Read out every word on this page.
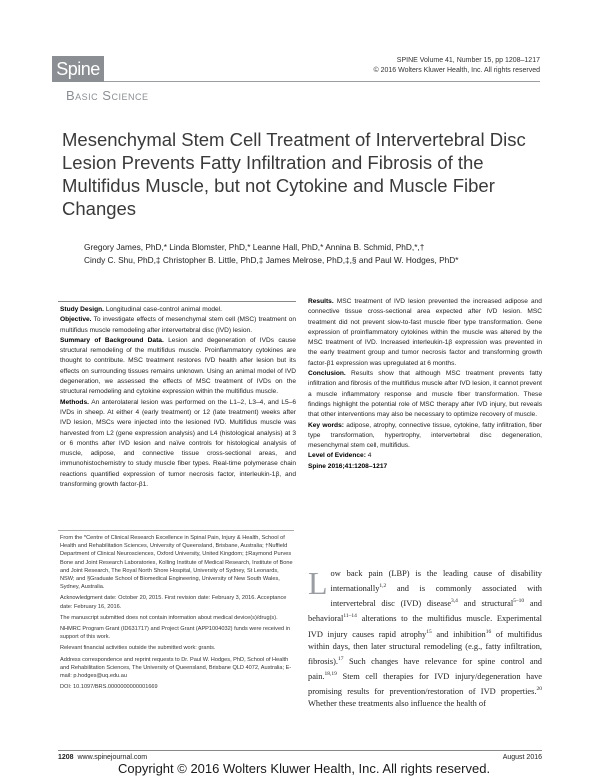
Spine	SPINE Volume 41, Number 15, pp 1208–1217
© 2016 Wolters Kluwer Health, Inc. All rights reserved
Basic Science
Mesenchymal Stem Cell Treatment of Intervertebral Disc Lesion Prevents Fatty Infiltration and Fibrosis of the Multifidus Muscle, but not Cytokine and Muscle Fiber Changes
Gregory James, PhD,* Linda Blomster, PhD,* Leanne Hall, PhD,* Annina B. Schmid, PhD,*,†
Cindy C. Shu, PhD,‡ Christopher B. Little, PhD,‡ James Melrose, PhD,‡,§ and Paul W. Hodges, PhD*

Study Design. Longitudinal case-control animal model.

Objective. To investigate effects of mesenchymal stem cell (MSC) treatment on multifidus muscle remodeling after intervertebral disc (IVD) lesion.

Summary of Background Data. Lesion and degeneration of IVDs cause structural remodeling of the multifidus muscle. Proinflammatory cytokines are thought to contribute. MSC treatment restores IVD health after lesion but its effects on surrounding tissues remains unknown. Using an animal model of IVD degeneration, we assessed the effects of MSC treatment of IVDs on the structural remodeling and cytokine expression within the multifidus muscle.

Methods. An anterolateral lesion was performed on the L1–2, L3–4, and L5–6 IVDs in sheep. At either 4 (early treatment) or 12 (late treatment) weeks after IVD lesion, MSCs were injected into the lesioned IVD. Multifidus muscle was harvested from L2 (gene expression analysis) and L4 (histological analysis) at 3 or 6 months after IVD lesion and naïve controls for histological analysis of muscle, adipose, and connective tissue cross-sectional areas, and immunohistochemistry to study muscle fiber types. Real-time polymerase chain reactions quantified expression of tumor necrosis factor, interleukin-1β, and transforming growth factor-β1.

Results. MSC treatment of IVD lesion prevented the increased adipose and connective tissue cross-sectional area expected after IVD lesion. MSC treatment did not prevent slow-to-fast muscle fiber type transformation. Gene expression of proinflammatory cytokines within the muscle was altered by the MSC treatment of IVD. Increased interleukin-1β expression was prevented in the early treatment group and tumor necrosis factor and transforming growth factor-β1 expression was upregulated at 6 months.

Conclusion. Results show that although MSC treatment prevents fatty infiltration and fibrosis of the multifidus muscle after IVD lesion, it cannot prevent a muscle inflammatory response and muscle fiber transformation. These findings highlight the potential role of MSC therapy after IVD injury, but reveals that other interventions may also be necessary to optimize recovery of muscle.

Key words: adipose, atrophy, connective tissue, cytokine, fatty infiltration, fiber type transformation, hypertrophy, intervertebral disc degeneration, mesenchymal stem cell, multifidus.

Level of Evidence: 4

Spine 2016;41:1208–1217

From the *Centre of Clinical Research Excellence in Spinal Pain, Injury & Health, School of Health and Rehabilitation Sciences, University of Queensland, Brisbane, Australia; †Nuffield Department of Clinical Neurosciences, Oxford University, United Kingdom; ‡Raymond Purves Bone and Joint Research Laboratories, Kolling Institute of Medical Research, Institute of Bone and Joint Research, The Royal North Shore Hospital, University of Sydney, St Leonards, NSW; and §Graduate School of Biomedical Engineering, University of New South Wales, Sydney, Australia.

Acknowledgment date: October 20, 2015. First revision date: February 3, 2016. Acceptance date: February 16, 2016.

The manuscript submitted does not contain information about medical device(s)/drug(s).

NHMRC Program Grant (ID631717) and Project Grant (APP1004032) funds were received in support of this work.

Relevant financial activities outside the submitted work: grants.

Address correspondence and reprint requests to Dr. Paul W. Hodges, PhD, School of Health and Rehabilitation Sciences, The University of Queensland, Brisbane QLD 4072, Australia; E-mail: p.hodges@uq.edu.au

DOI: 10.1097/BRS.0000000000001669

Low back pain (LBP) is the leading cause of disability internationally$^{1,2}$ and is commonly associated with intervertebral disc (IVD) disease$^{3,4}$ and structural$^{5-10}$ and behavioral$^{11-14}$ alterations to the multifidus muscle. Experimental IVD injury causes rapid atrophy$^{15}$ and inhibition$^{16}$ of multifidus within days, then later structural remodeling (e.g., fatty infiltration, fibrosis).$^{17}$ Such changes have relevance for spine control and pain.$^{18,19}$ Stem cell therapies for IVD injury/degeneration have promising results for prevention/restoration of IVD properties.$^{20}$ Whether these treatments also influence the health of
1208 www.spinejournal.com	August 2016
Copyright © 2016 Wolters Kluwer Health, Inc. All rights reserved.
